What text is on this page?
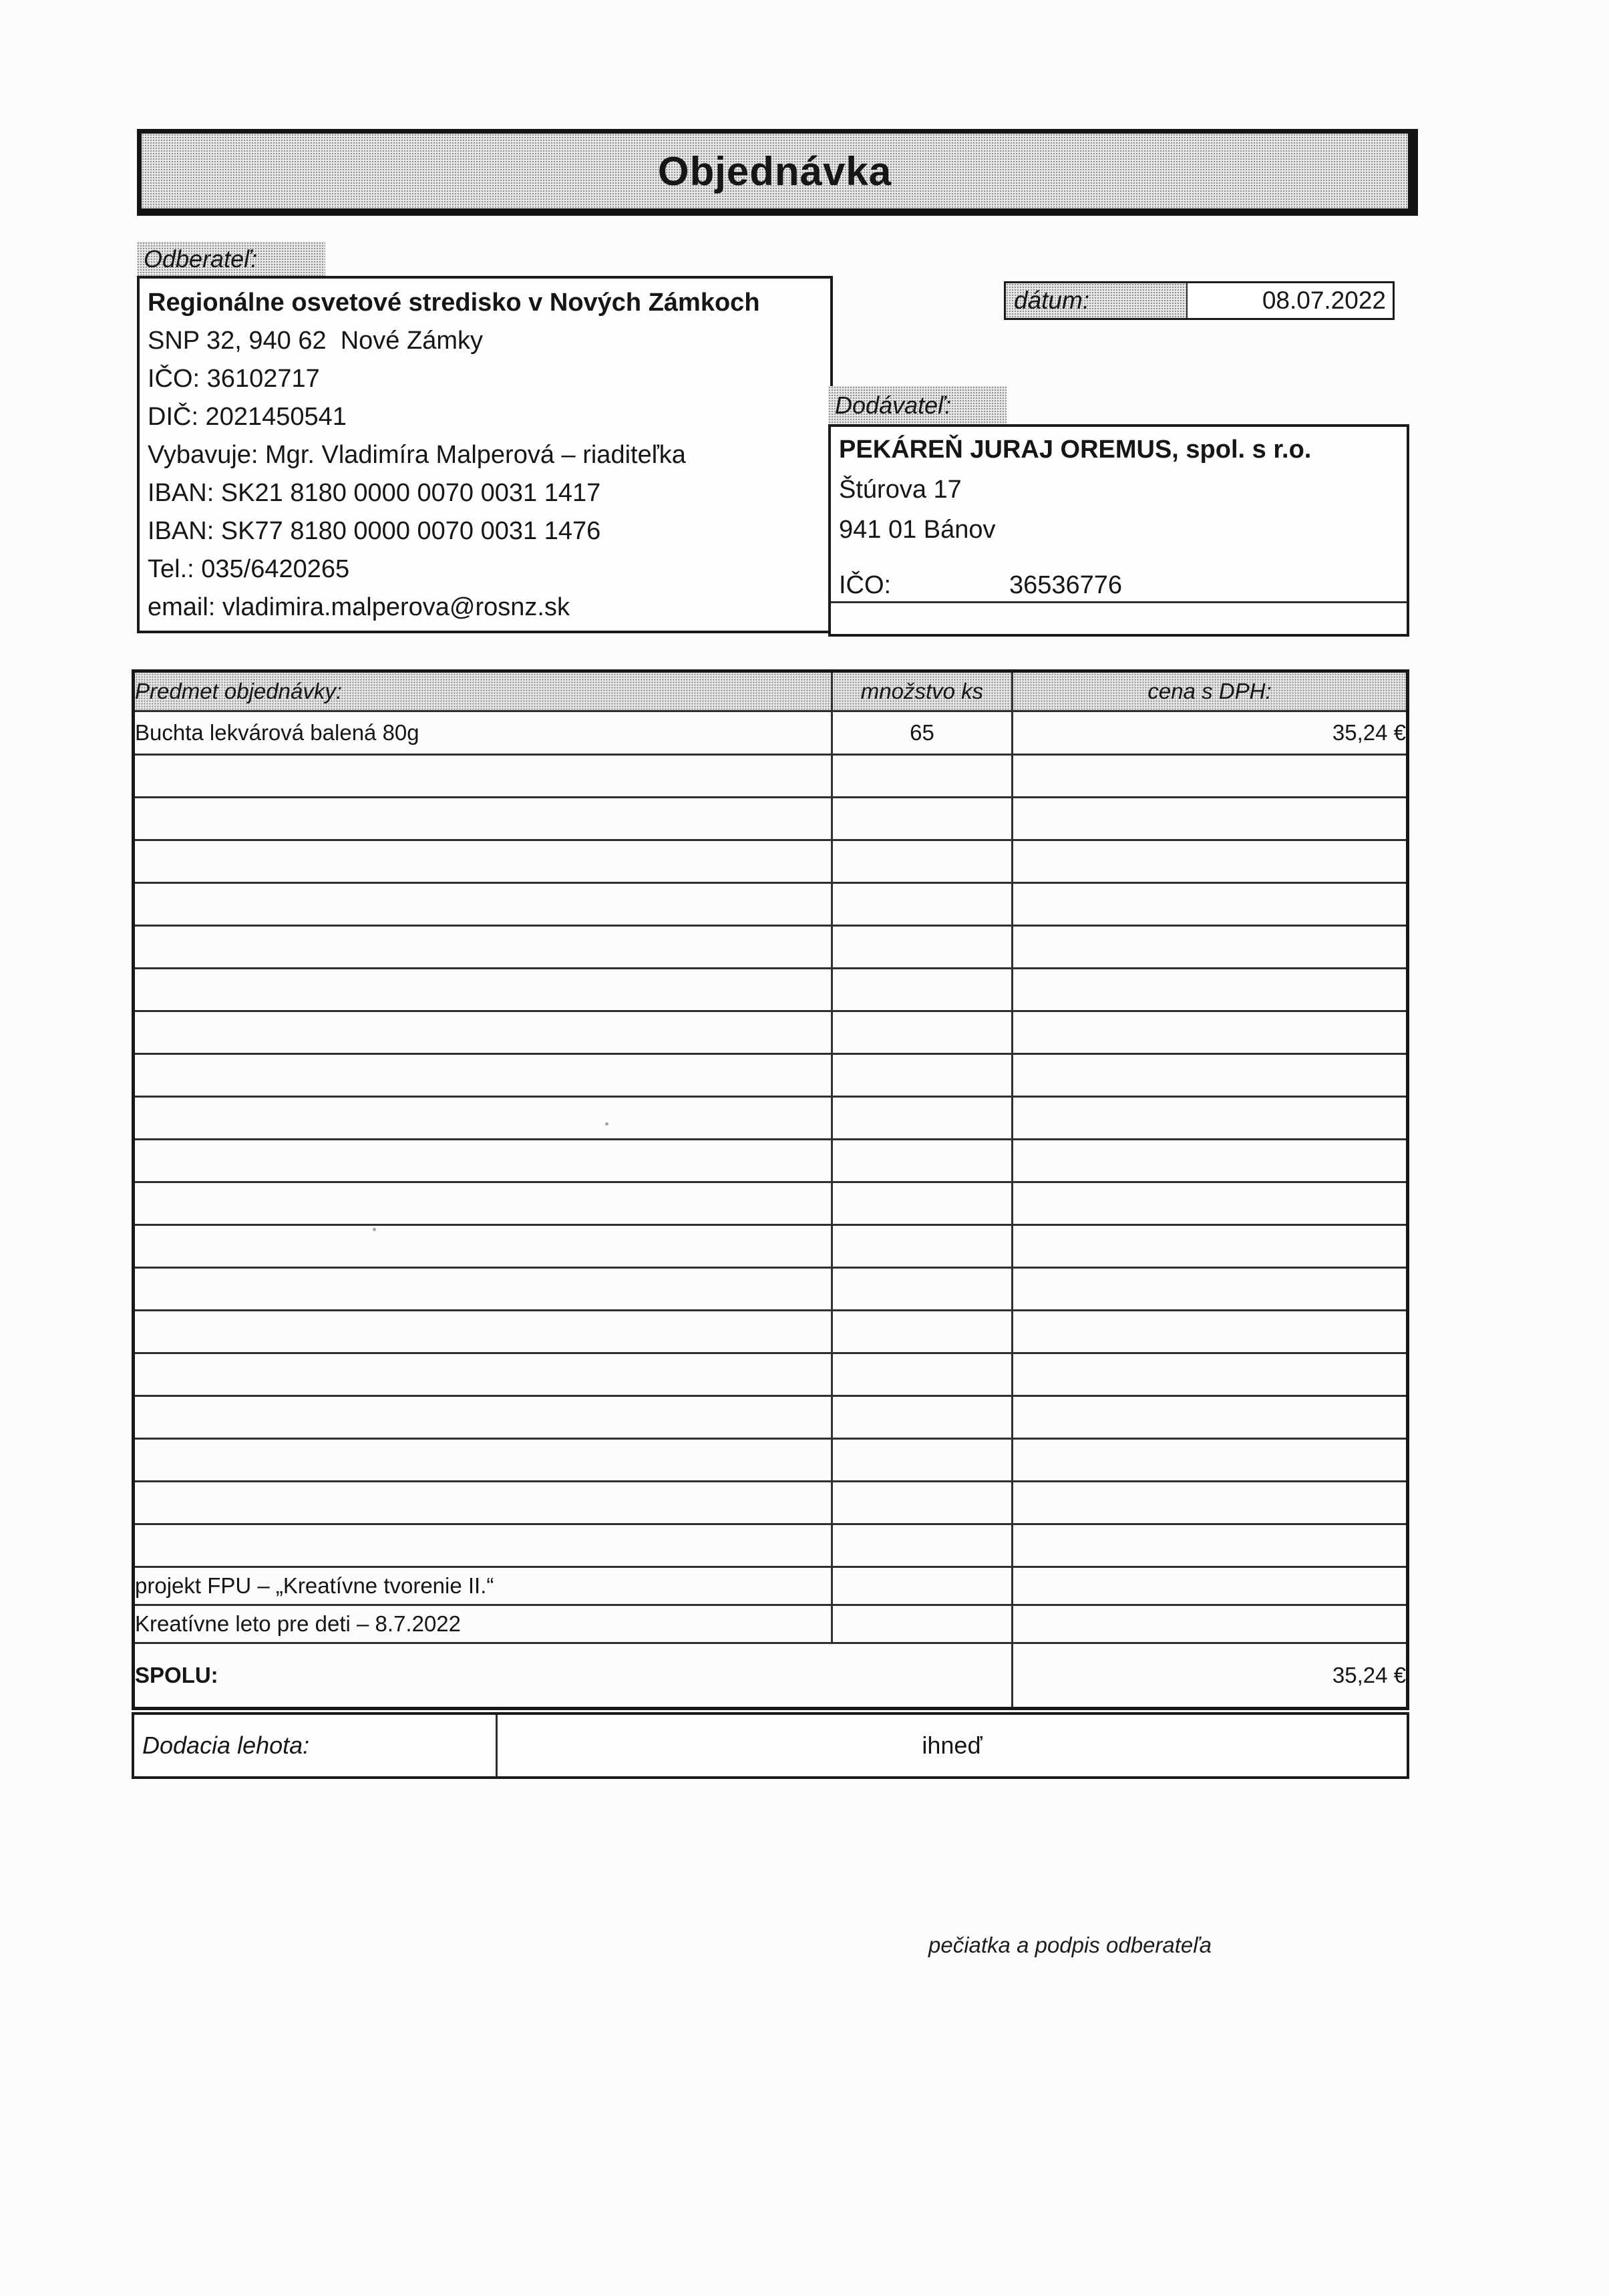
Objednávka
Odberateľ:
Regionálne osvetové stredisko v Nových Zámkoch
SNP 32, 940 62  Nové Zámky
IČO: 36102717
DIČ: 2021450541
Vybavuje: Mgr. Vladimíra Malperová – riaditeľka
IBAN: SK21 8180 0000 0070 0031 1417
IBAN: SK77 8180 0000 0070 0031 1476
Tel.: 035/6420265
email: vladimira.malperova@rosnz.sk
dátum:	08.07.2022
Dodávateľ:
PEKÁREŇ JURAJ OREMUS, spol. s r.o.
Štúrova 17
941 01 Bánov
IČO:	36536776
Predmet objednávky:	množstvo ks	cena s DPH:
Buchta lekvárová balená 80g	65	35,24 €

projekt FPU – „Kreatívne tvorenie II.“		
Kreatívne leto pre deti – 8.7.2022		
SPOLU:		35,24 €
Dodacia lehota:	ihneď
pečiatka a podpis odberateľa
